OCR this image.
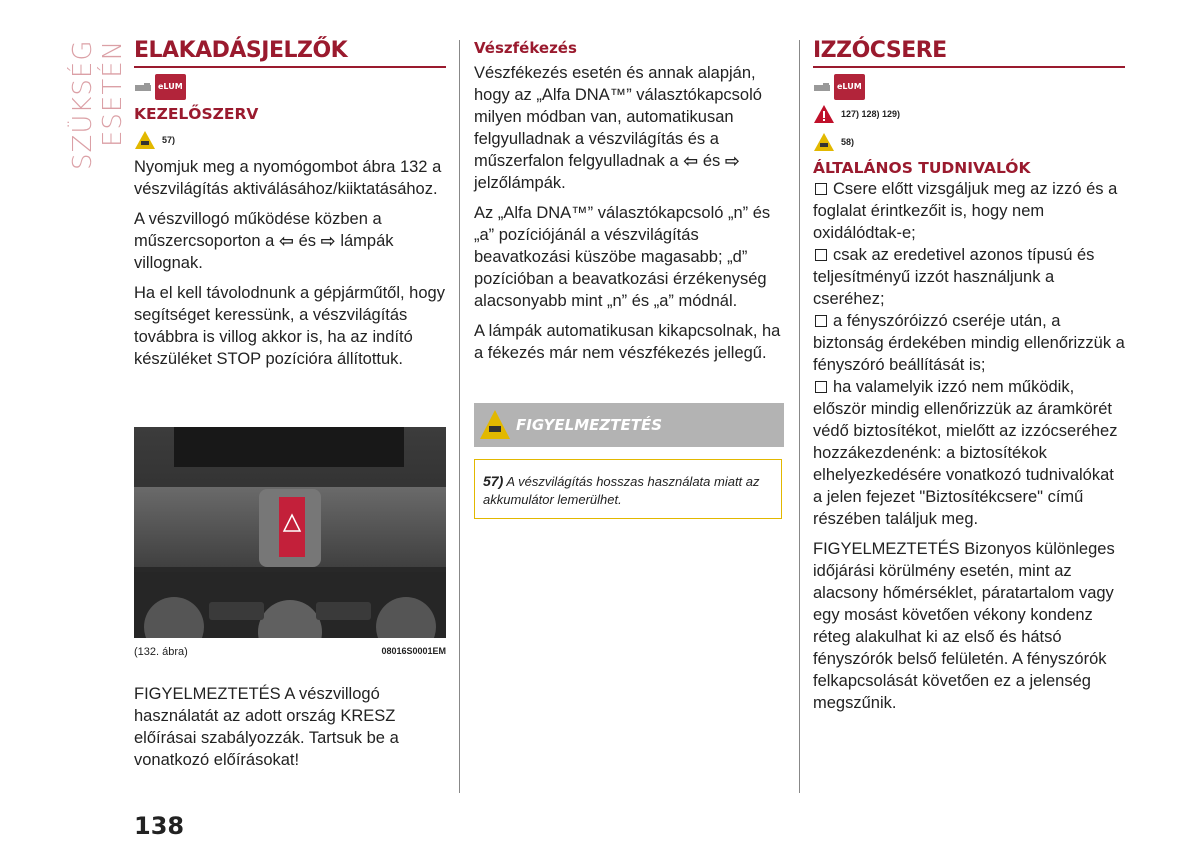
SZÜKSÉG ESETÉN ELAKADÁSJELZŐK
eLUM
KEZELŐSZERV
57)

Nyomjuk meg a nyomógombot ábra 132 a vészvilágítás aktiválásához/kiiktatásához.

A vészvillogó működése közben a műszercsoporton a ⇦ és ⇨ lámpák villognak.

Ha el kell távolodnunk a gépjárműtől, hogy segítséget keressünk, a vészvilágítás továbbra is villog akkor is, ha az indító készüléket STOP pozícióra állítottuk.

(132. ábra)	08016S0001EM

FIGYELMEZTETÉS A vészvillogó használatát az adott ország KRESZ előírásai szabályozzák. Tartsuk be a vonatkozó előírásokat!

Vészfékezés

Vészfékezés esetén és annak alapján, hogy az „Alfa DNA™” választókapcsoló milyen módban van, automatikusan felgyulladnak a vészvilágítás és a műszerfalon felgyulladnak a ⇦ és ⇨ jelzőlámpák.

Az „Alfa DNA™” választókapcsoló „n” és „a” pozíciójánál a vészvilágítás beavatkozási küszöbe magasabb; „d” pozícióban a beavatkozási érzékenység alacsonyabb mint „n” és „a” módnál.

A lámpák automatikusan kikapcsolnak, ha a fékezés már nem vészfékezés jellegű.

FIGYELMEZTETÉS
57) A vészvilágítás hosszas használata miatt az akkumulátor lemerülhet.
IZZÓCSERE
eLUM
127) 128) 129)
58)
ÁLTALÁNOS TUDNIVALÓK
Csere előtt vizsgáljuk meg az izzó és a foglalat érintkezőit is, hogy nem oxidálódtak-e;
csak az eredetivel azonos típusú és teljesítményű izzót használjunk a cseréhez;
a fényszóróizzó cseréje után, a biztonság érdekében mindig ellenőrizzük a fényszóró beállítását is;
ha valamelyik izzó nem működik, először mindig ellenőrizzük az áramkörét védő biztosítékot, mielőtt az izzócseréhez hozzákezdenénk: a biztosítékok elhelyezkedésére vonatkozó tudnivalókat a jelen fejezet "Biztosítékcsere" című részében találjuk meg.

FIGYELMEZTETÉS Bizonyos különleges időjárási körülmény esetén, mint az alacsony hőmérséklet, páratartalom vagy egy mosást követően vékony kondenz réteg alakulhat ki az első és hátsó fényszórók belső felületén. A fényszórók felkapcsolását követően ez a jelenség megszűnik.

138
